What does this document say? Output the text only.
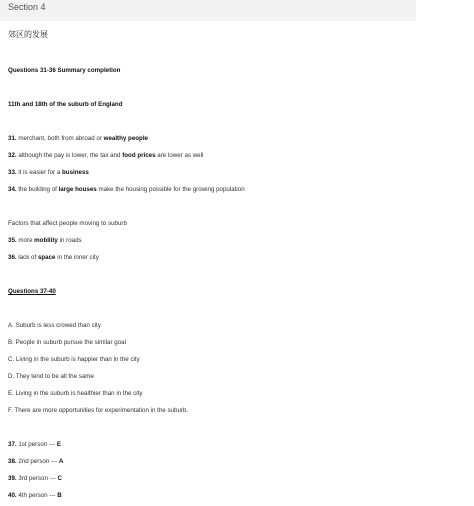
Section 4
郊区的发展
Questions 31-36 Summary completion
11th and 18th of the suburb of England
31. merchant, both from abroad or wealthy people
32. although the pay is lower, the tax and food prices are lower as well
33. it is easier for a business
34. the building of large houses make the housing possible for the growing population
Factors that affect people moving to suburb
35. more mobility in roads
36. lack of space in the inner city
Questions 37-40
A. Suburb is less crowed than city
B. People in suburb pursue the similar goal
C. Living in the suburb is happier than in the city
D. They tend to be all the same
E. Living in the suburb is healthier than in the city
F. There are more opportunities for experimentation in the suburb.
37. 1st person --- E
38. 2nd person --- A
39. 3rd person --- C
40. 4th person --- B
